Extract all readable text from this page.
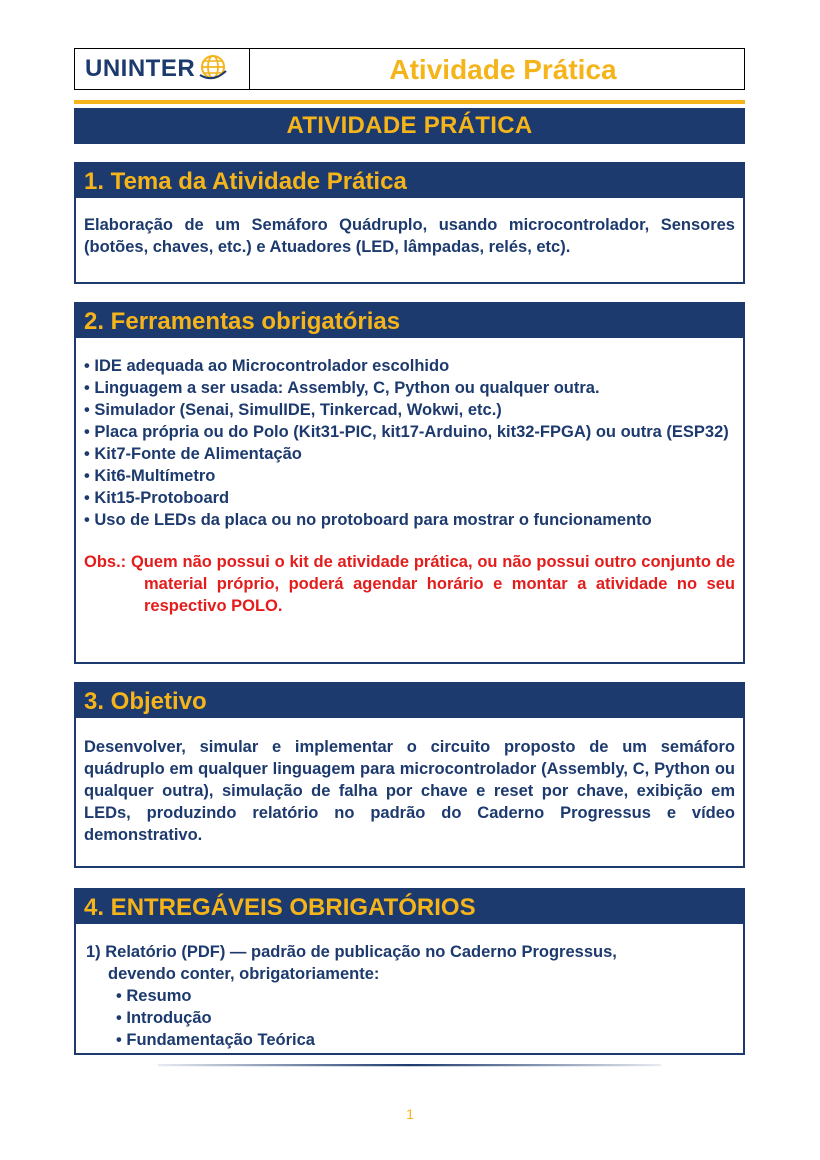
UNINTER	Atividade Prática
ATIVIDADE PRÁTICA
1. Tema da Atividade Prática

Elaboração de um Semáforo Quádruplo, usando microcontrolador, Sensores (botões, chaves, etc.) e Atuadores (LED, lâmpadas, relés, etc).

2. Ferramentas obrigatórias
• IDE adequada ao Microcontrolador escolhido
• Linguagem a ser usada: Assembly, C, Python ou qualquer outra.
• Simulador (Senai, SimulIDE, Tinkercad, Wokwi, etc.)
• Placa própria ou do Polo (Kit31-PIC, kit17-Arduino, kit32-FPGA) ou outra (ESP32)
• Kit7-Fonte de Alimentação
• Kit6-Multímetro
• Kit15-Protoboard
• Uso de LEDs da placa ou no protoboard para mostrar o funcionamento
Obs.: Quem não possui o kit de atividade prática, ou não possui outro conjunto de material próprio, poderá agendar horário e montar a atividade no seu respectivo POLO.
3. Objetivo

Desenvolver, simular e implementar o circuito proposto de um semáforo quádruplo em qualquer linguagem para microcontrolador (Assembly, C, Python ou qualquer outra), simulação de falha por chave e reset por chave, exibição em LEDs, produzindo relatório no padrão do Caderno Progressus e vídeo demonstrativo.

4. ENTREGÁVEIS OBRIGATÓRIOS
1) Relatório (PDF) — padrão de publicação no Caderno Progressus,
devendo conter, obrigatoriamente:
• Resumo
• Introdução
• Fundamentação Teórica
1
